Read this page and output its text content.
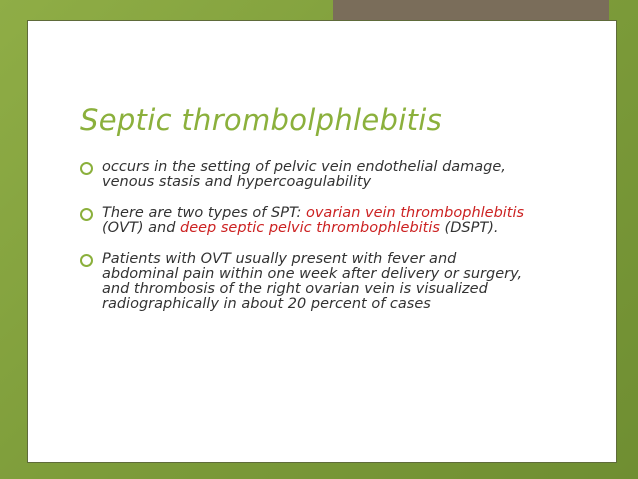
Septic thrombolphlebitis
occurs in the setting of pelvic vein endothelial damage, venous stasis and hypercoagulability
There are two types of SPT: ovarian vein thrombophlebitis (OVT) and deep septic pelvic thrombophlebitis (DSPT).
Patients with OVT usually present with fever and abdominal pain within one week after delivery or surgery, and thrombosis of the right ovarian vein is visualized radiographically in about 20 percent of cases
